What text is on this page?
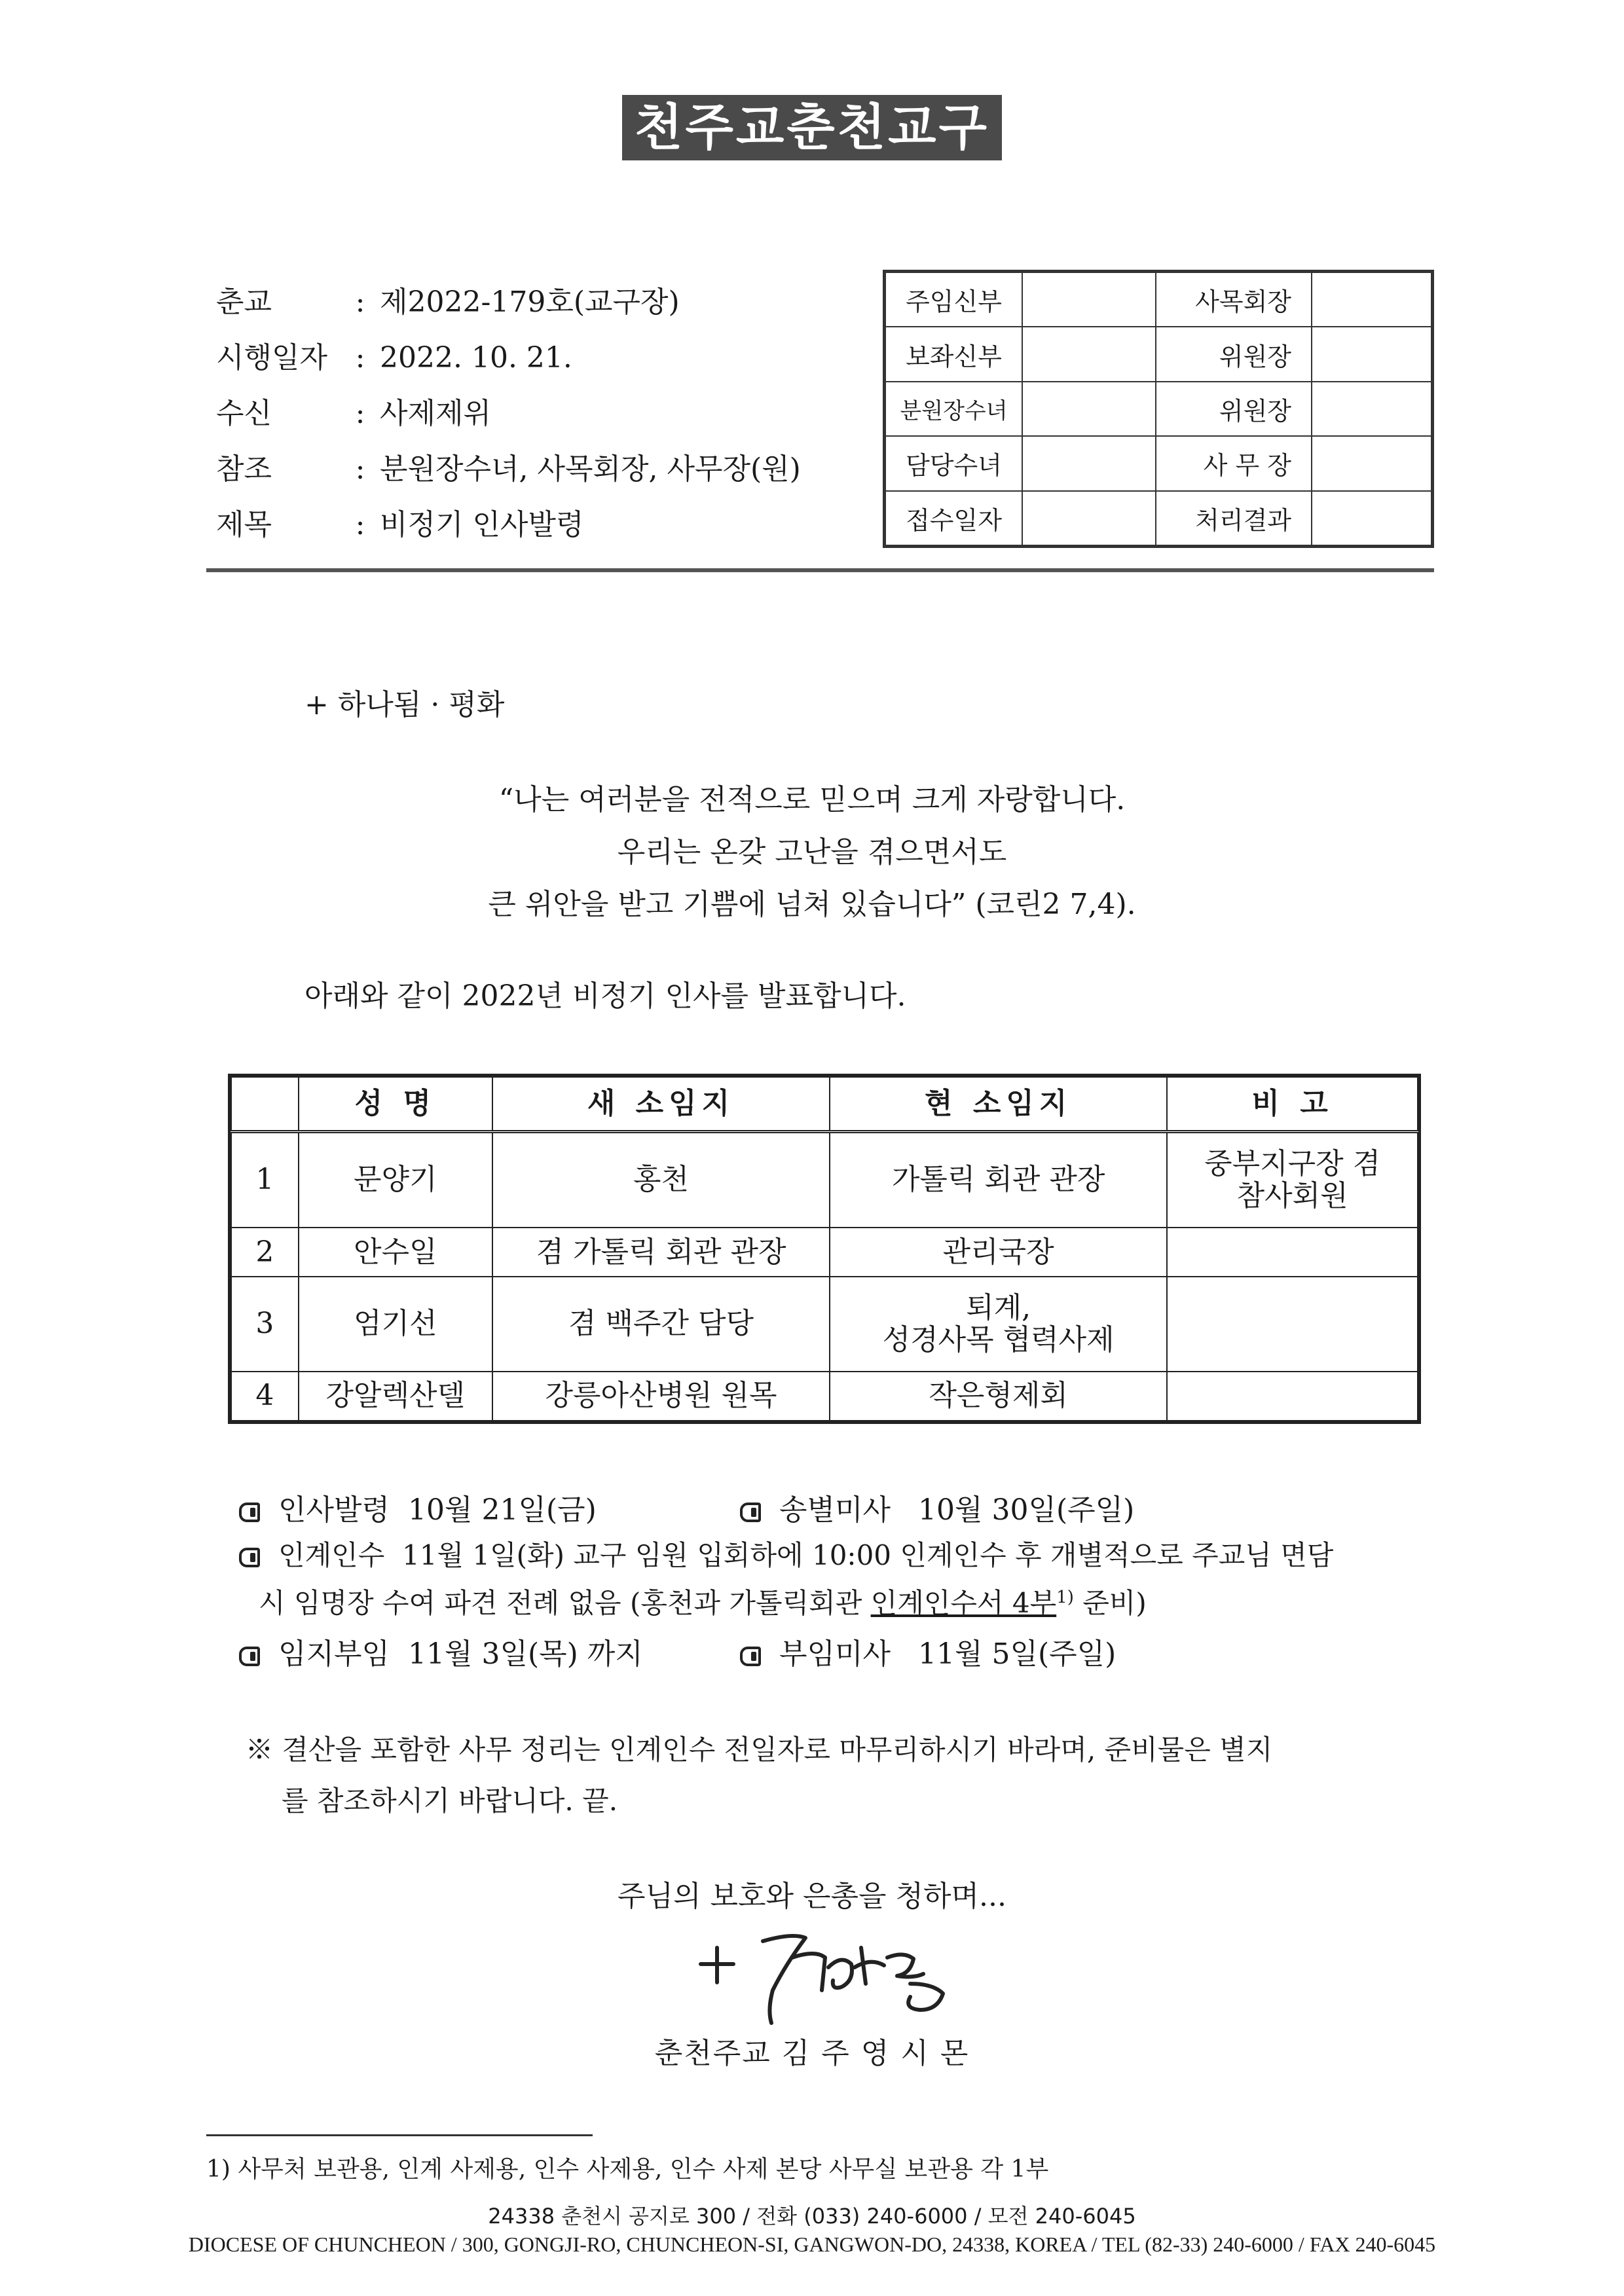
천주교춘천교구
춘교	: 제2022-179호(교구장)
시행일자 : 2022. 10. 21.
수신	: 사제제위
참조	: 분원장수녀, 사목회장, 사무장(원)
제목	: 비정기 인사발령
주임신부		사목회장	
보좌신부		위원장	
분원장수녀		위원장	
담당수녀		사 무 장	
접수일자		처리결과	
+ 하나됨 · 평화
“나는 여러분을 전적으로 믿으며 크게 자랑합니다.
우리는 온갖 고난을 겪으면서도
큰 위안을 받고 기쁨에 넘쳐 있습니다” (코린2 7,4).
아래와 같이 2022년 비정기 인사를 발표합니다.
	성 명	새 소임지	현 소임지	비 고
1	문양기	홍천	가톨릭 회관 관장	중부지구장 겸
참사회원
2	안수일	겸 가톨릭 회관 관장	관리국장	
3	엄기선	겸 백주간 담당	퇴계,
성경사목 협력사제	
4	강알렉산델	강릉아산병원 원목	작은형제회	
인사발령 10월 21일(금)	송별미사 10월 30일(주일)
인계인수 11월 1일(화) 교구 임원 입회하에 10:00 인계인수 후 개별적으로 주교님 면담
시 임명장 수여 파견 전례 없음 (홍천과 가톨릭회관 인계인수서 4부$^{1)}$ 준비)
임지부임 11월 3일(목) 까지	부임미사 11월 5일(주일)
※ 결산을 포함한 사무 정리는 인계인수 전일자로 마무리하시기 바라며, 준비물은 별지
를 참조하시기 바랍니다. 끝.
주님의 보호와 은총을 청하며...
춘천주교 김 주 영 시 몬
1) 사무처 보관용, 인계 사제용, 인수 사제용, 인수 사제 본당 사무실 보관용 각 1부
24338 춘천시 공지로 300 / 전화 (033) 240-6000 / 모전 240-6045
DIOCESE OF CHUNCHEON / 300, GONGJI-RO, CHUNCHEON-SI, GANGWON-DO, 24338, KOREA / TEL (82-33) 240-6000 / FAX 240-6045
